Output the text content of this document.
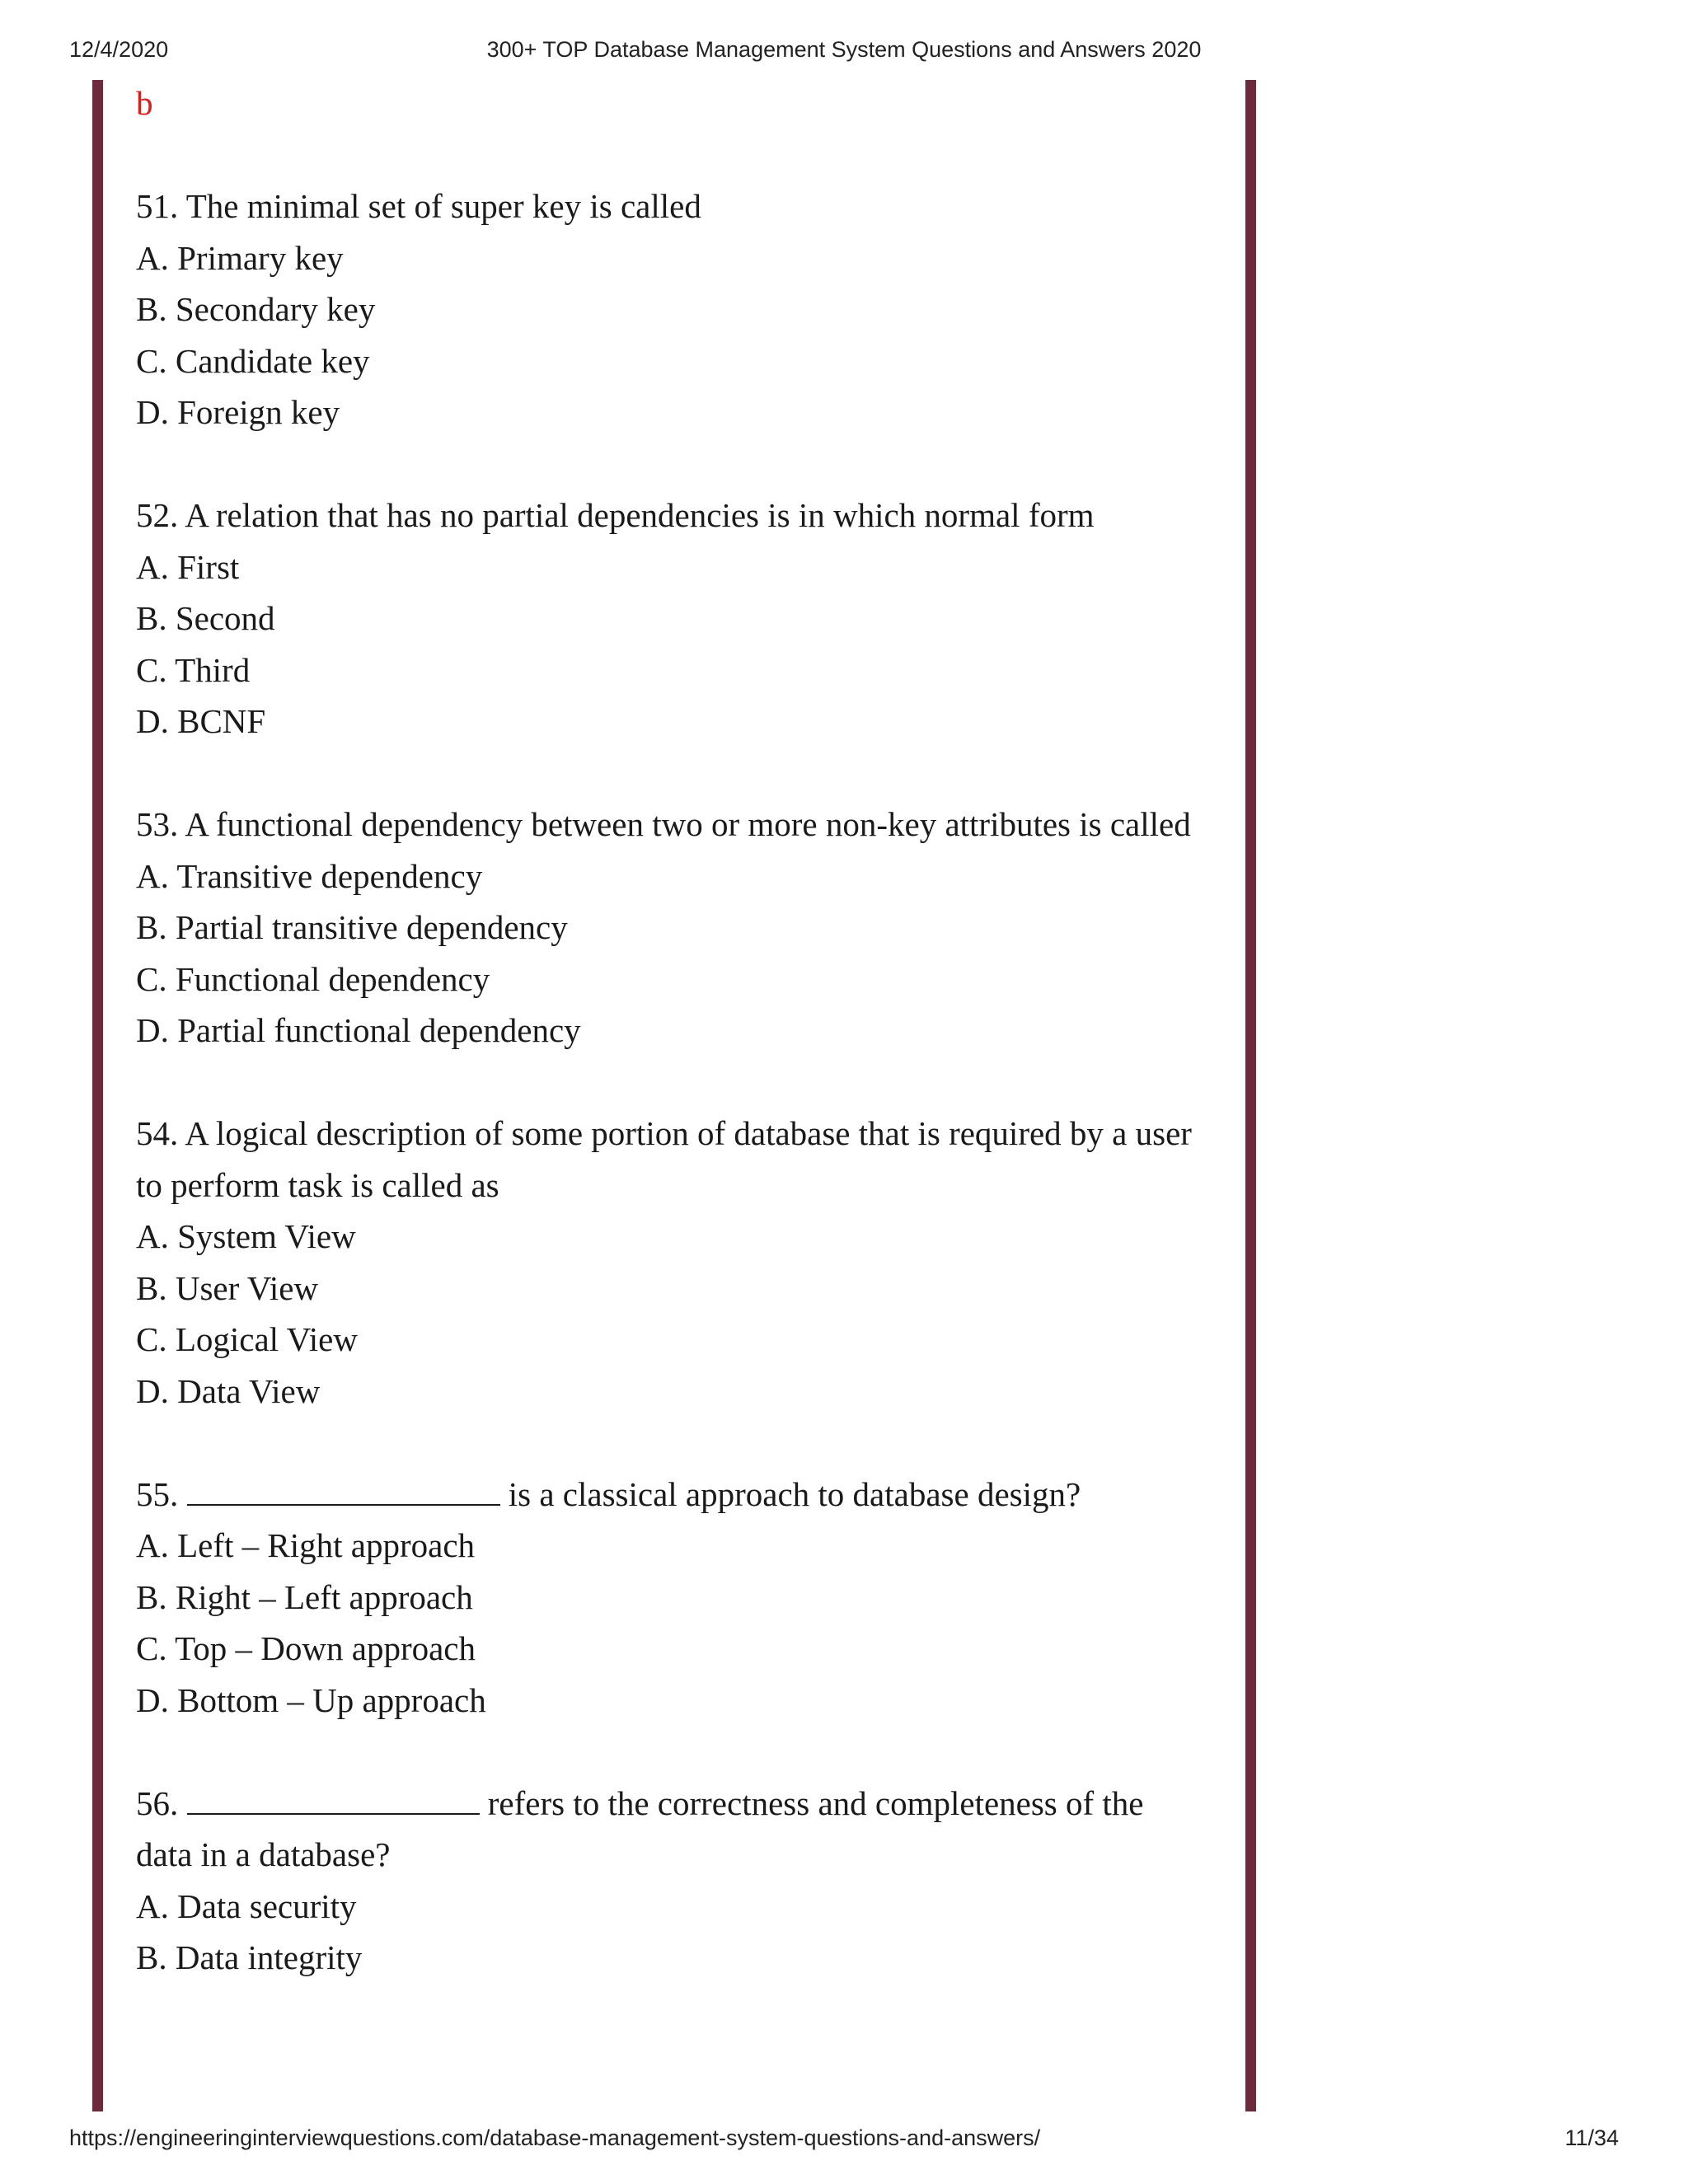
300+ TOP Database Management System Questions and Answers 2020
12/4/2020
b
51. The minimal set of super key is called
A. Primary key
B. Secondary key
C. Candidate key
D. Foreign key
52. A relation that has no partial dependencies is in which normal form
A. First
B. Second
C. Third
D. BCNF
53. A functional dependency between two or more non-key attributes is called
A. Transitive dependency
B. Partial transitive dependency
C. Functional dependency
D. Partial functional dependency
54. A logical description of some portion of database that is required by a user to perform task is called as
A. System View
B. User View
C. Logical View
D. Data View
55.	is a classical approach to database design?
A. Left – Right approach
B. Right – Left approach
C. Top – Down approach
D. Bottom – Up approach
56.	refers to the correctness and completeness of the data in a database?
A. Data security
B. Data integrity
https://engineeringinterviewquestions.com/database-management-system-questions-and-answers/	11/34
